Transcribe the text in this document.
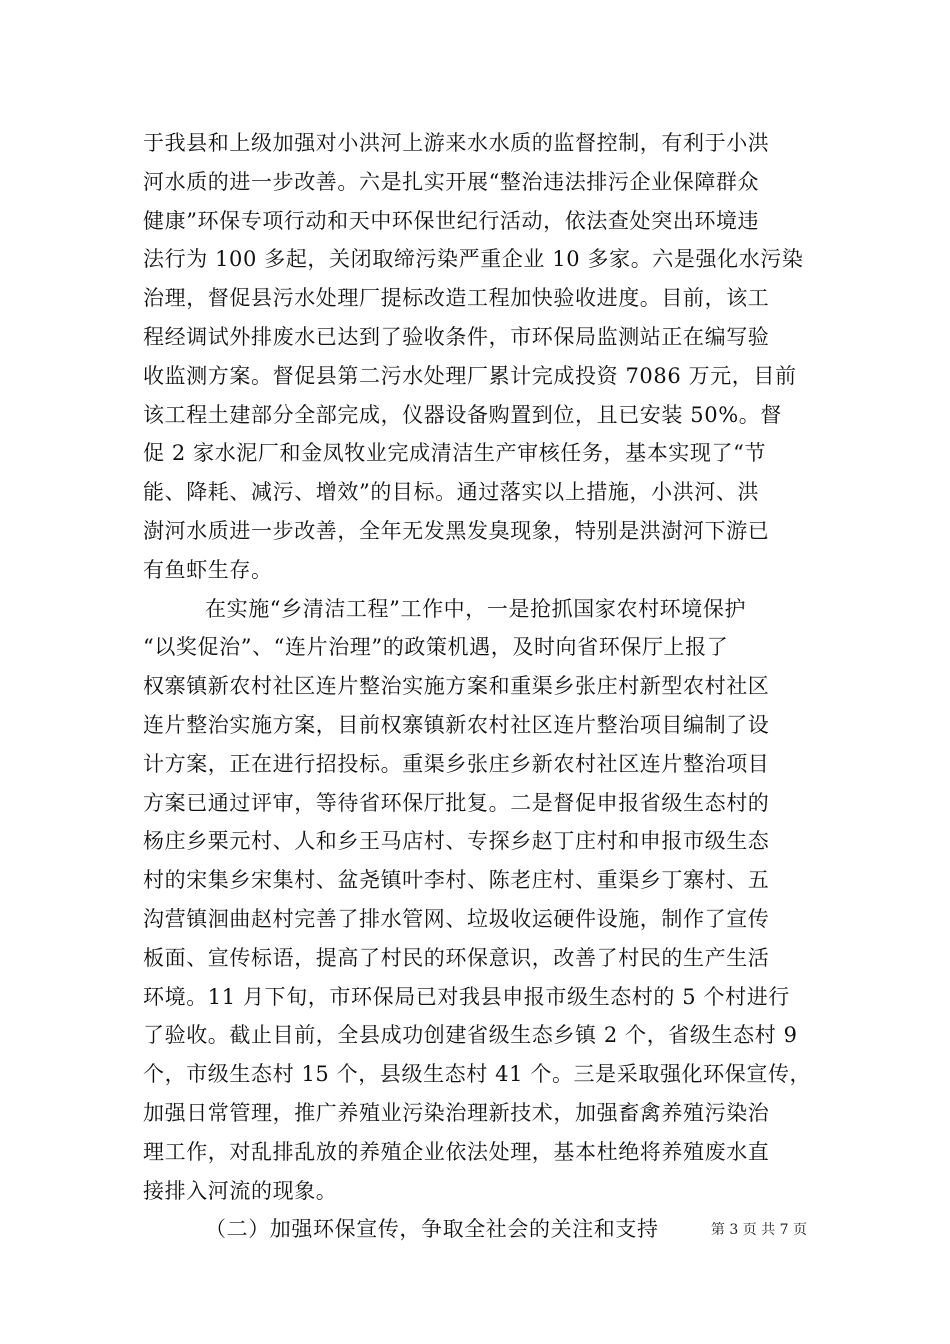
于我县和上级加强对小洪河上游来水水质的监督控制，有利于小洪
河水质的进一步改善。六是扎实开展“整治违法排污企业保障群众
健康”环保专项行动和天中环保世纪行活动，依法查处突出环境违
法行为 100 多起，关闭取缔污染严重企业 10 多家。六是强化水污染
治理，督促县污水处理厂提标改造工程加快验收进度。目前，该工
程经调试外排废水已达到了验收条件，市环保局监测站正在编写验
收监测方案。督促县第二污水处理厂累计完成投资 7086 万元，目前
该工程土建部分全部完成，仪器设备购置到位，且已安装 50%。督
促 2 家水泥厂和金凤牧业完成清洁生产审核任务，基本实现了“节
能、降耗、减污、增效”的目标。通过落实以上措施，小洪河、洪
澍河水质进一步改善，全年无发黑发臭现象，特别是洪澍河下游已
有鱼虾生存。
在实施“乡清洁工程”工作中，一是抢抓国家农村环境保护
“以奖促治”、“连片治理”的政策机遇，及时向省环保厅上报了
权寨镇新农村社区连片整治实施方案和重渠乡张庄村新型农村社区
连片整治实施方案，目前权寨镇新农村社区连片整治项目编制了设
计方案，正在进行招投标。重渠乡张庄乡新农村社区连片整治项目
方案已通过评审，等待省环保厅批复。二是督促申报省级生态村的
杨庄乡栗元村、人和乡王马店村、专探乡赵丁庄村和申报市级生态
村的宋集乡宋集村、盆尧镇叶李村、陈老庄村、重渠乡丁寨村、五
沟营镇洄曲赵村完善了排水管网、垃圾收运硬件设施，制作了宣传
板面、宣传标语，提高了村民的环保意识，改善了村民的生产生活
环境。11 月下旬，市环保局已对我县申报市级生态村的 5 个村进行
了验收。截止目前，全县成功创建省级生态乡镇 2 个，省级生态村 9
个，市级生态村 15 个，县级生态村 41 个。三是采取强化环保宣传，
加强日常管理，推广养殖业污染治理新技术，加强畜禽养殖污染治
理工作，对乱排乱放的养殖企业依法处理，基本杜绝将养殖废水直
接排入河流的现象。
（二）加强环保宣传，争取全社会的关注和支持	第 3 页 共 7 页
